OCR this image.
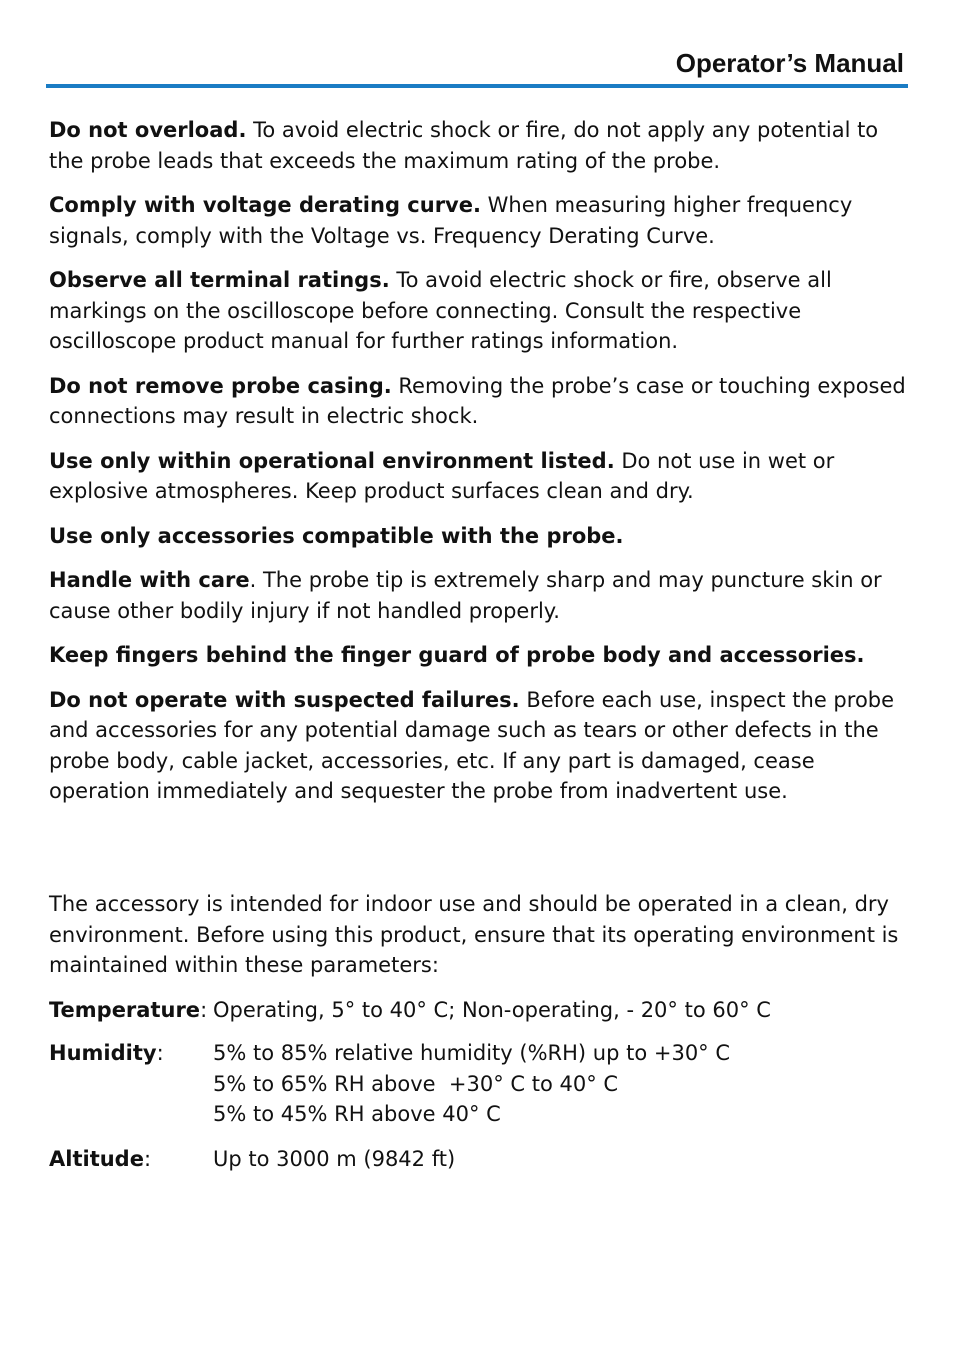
Operator’s Manual

Do not overload. To avoid electric shock or fire, do not apply any potential to the probe leads that exceeds the maximum rating of the probe.

Comply with voltage derating curve. When measuring higher frequency signals, comply with the Voltage vs. Frequency Derating Curve.

Observe all terminal ratings. To avoid electric shock or fire, observe all markings on the oscilloscope before connecting. Consult the respective oscilloscope product manual for further ratings information.

Do not remove probe casing. Removing the probe’s case or touching exposed connections may result in electric shock.

Use only within operational environment listed. Do not use in wet or explosive atmospheres. Keep product surfaces clean and dry.

Use only accessories compatible with the probe.

Handle with care. The probe tip is extremely sharp and may puncture skin or cause other bodily injury if not handled properly.

Keep fingers behind the finger guard of probe body and accessories.

Do not operate with suspected failures. Before each use, inspect the probe and accessories for any potential damage such as tears or other defects in the probe body, cable jacket, accessories, etc. If any part is damaged, cease operation immediately and sequester the probe from inadvertent use.

The accessory is intended for indoor use and should be operated in a clean, dry environment. Before using this product, ensure that its operating environment is maintained within these parameters:

Temperature: Operating, 5° to 40° C; Non-operating, - 20° to 60° C
Humidity:	5% to 85% relative humidity (%RH) up to +30° C
5% to 65% RH above  +30° C to 40° C
5% to 45% RH above 40° C
Altitude:	Up to 3000 m (9842 ft)
